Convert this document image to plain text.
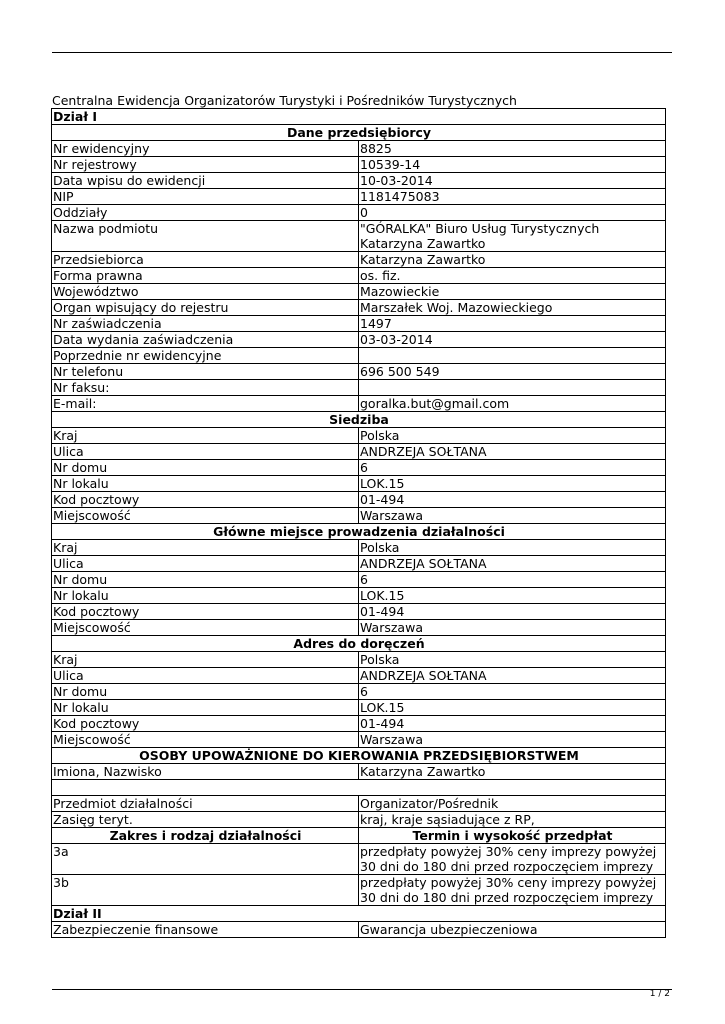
Centralna Ewidencja Organizatorów Turystyki i Pośredników Turystycznych
Dział I	
Dane przedsiębiorcy	
Nr ewidencyjny	8825
Nr rejestrowy	10539-14
Data wpisu do ewidencji	10-03-2014
NIP	1181475083
Oddziały	0
Nazwa podmiotu	"GÓRALKA" Biuro Usług Turystycznych Katarzyna Zawartko
Przedsiebiorca	Katarzyna Zawartko
Forma prawna	os. fiz.
Województwo	Mazowieckie
Organ wpisujący do rejestru	Marszałek Woj. Mazowieckiego
Nr zaświadczenia	1497
Data wydania zaświadczenia	03-03-2014
Poprzednie nr ewidencyjne	
Nr telefonu	696 500 549
Nr faksu:	
E-mail:	goralka.but@gmail.com
Siedziba	
Kraj	Polska
Ulica	ANDRZEJA SOŁTANA
Nr domu	6
Nr lokalu	LOK.15
Kod pocztowy	01-494
Miejscowość	Warszawa
Główne miejsce prowadzenia działalności	
Kraj	Polska
Ulica	ANDRZEJA SOŁTANA
Nr domu	6
Nr lokalu	LOK.15
Kod pocztowy	01-494
Miejscowość	Warszawa
Adres do doręczeń	
Kraj	Polska
Ulica	ANDRZEJA SOŁTANA
Nr domu	6
Nr lokalu	LOK.15
Kod pocztowy	01-494
Miejscowość	Warszawa
OSOBY UPOWAŻNIONE DO KIEROWANIA PRZEDSIĘBIORSTWEM	
Imiona, Nazwisko	Katarzyna Zawartko

Przedmiot działalności	Organizator/Pośrednik
Zasięg teryt.	kraj, kraje sąsiadujące z RP,
Zakres i rodzaj działalności	Termin i wysokość przedpłat
3a	przedpłaty powyżej 30% ceny imprezy powyżej 30 dni do 180 dni przed rozpoczęciem imprezy
3b	przedpłaty powyżej 30% ceny imprezy powyżej 30 dni do 180 dni przed rozpoczęciem imprezy
Dział II	
Zabezpieczenie finansowe	Gwarancja ubezpieczeniowa
1 / 2
